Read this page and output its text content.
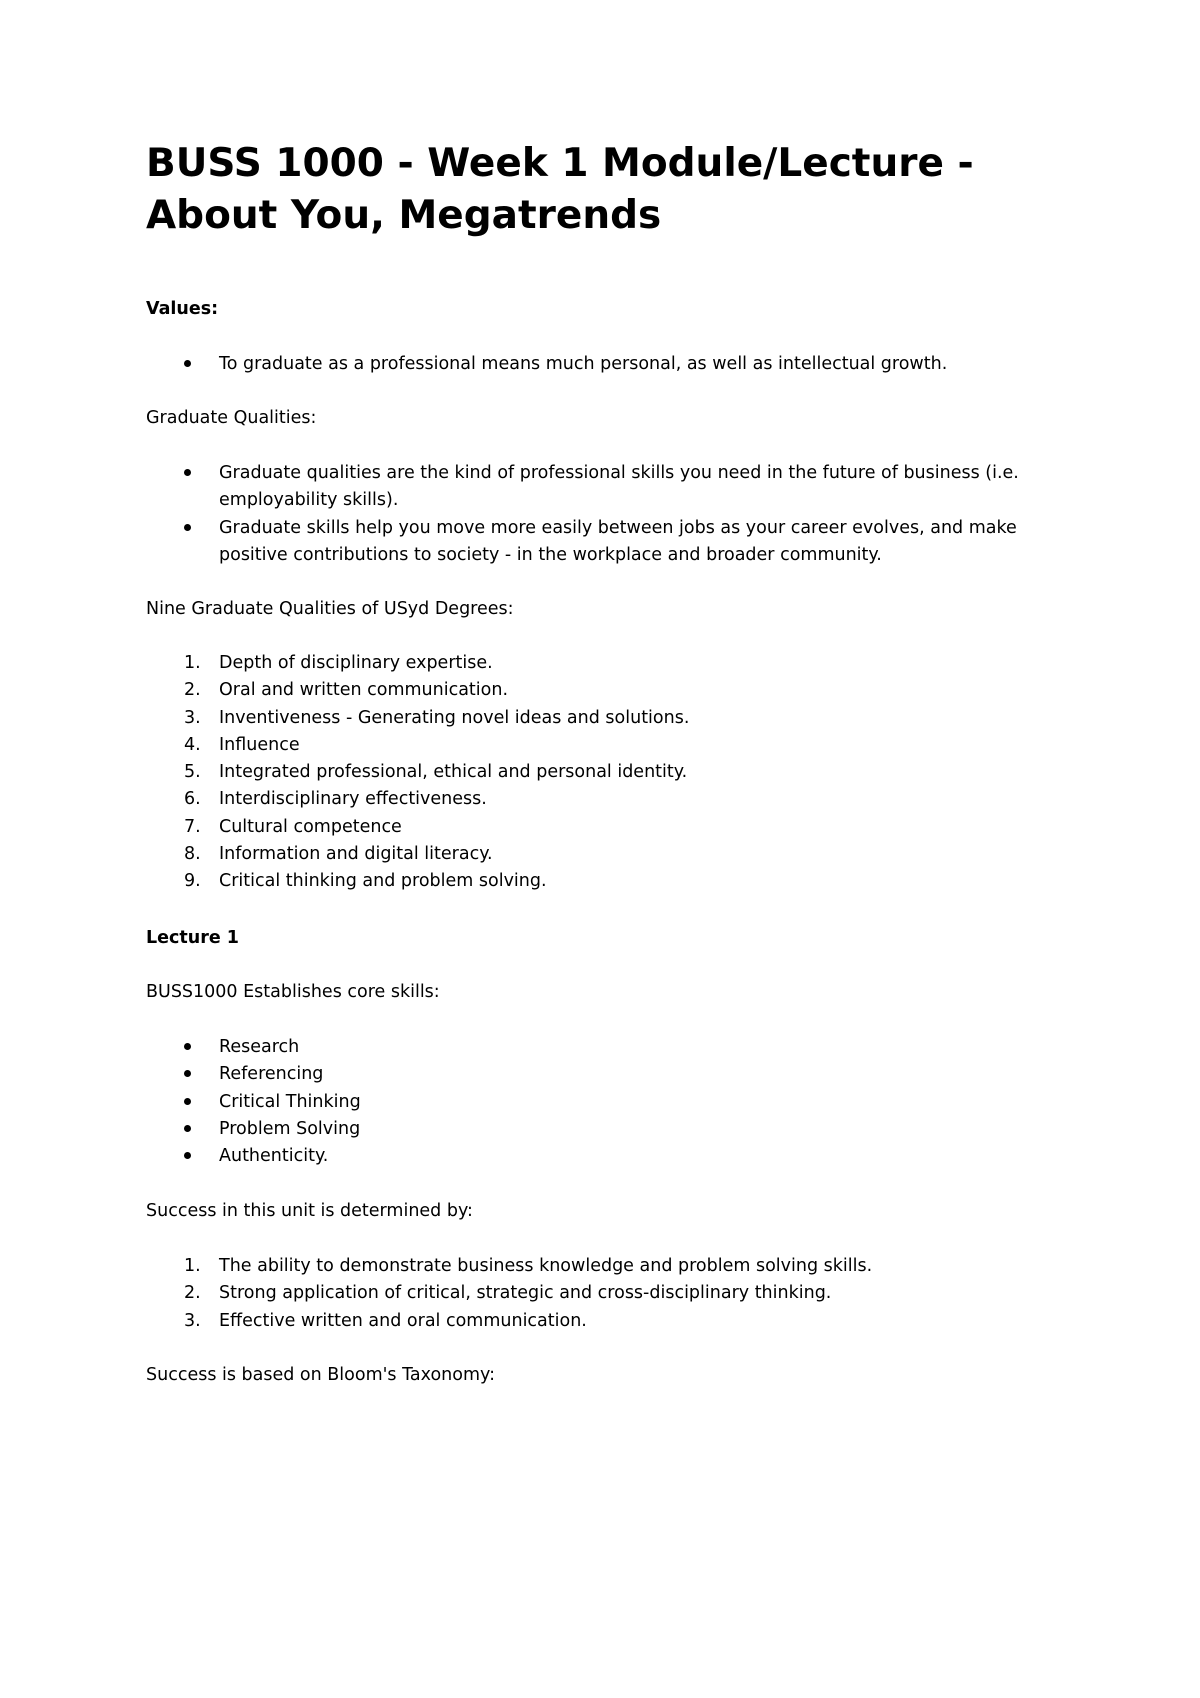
BUSS 1000 - Week 1 Module/Lecture - About You, Megatrends

Values:

To graduate as a professional means much personal, as well as intellectual growth.

Graduate Qualities:

Graduate qualities are the kind of professional skills you need in the future of business (i.e. employability skills).
Graduate skills help you move more easily between jobs as your career evolves, and make positive contributions to society - in the workplace and broader community.

Nine Graduate Qualities of USyd Degrees:

1. Depth of disciplinary expertise.
2. Oral and written communication.
3. Inventiveness - Generating novel ideas and solutions.
4. Influence
5. Integrated professional, ethical and personal identity.
6. Interdisciplinary effectiveness.
7. Cultural competence
8. Information and digital literacy.
9. Critical thinking and problem solving.

Lecture 1

BUSS1000 Establishes core skills:

Research
Referencing
Critical Thinking
Problem Solving
Authenticity.

Success in this unit is determined by:

1. The ability to demonstrate business knowledge and problem solving skills.
2. Strong application of critical, strategic and cross-disciplinary thinking.
3. Effective written and oral communication.

Success is based on Bloom's Taxonomy:
